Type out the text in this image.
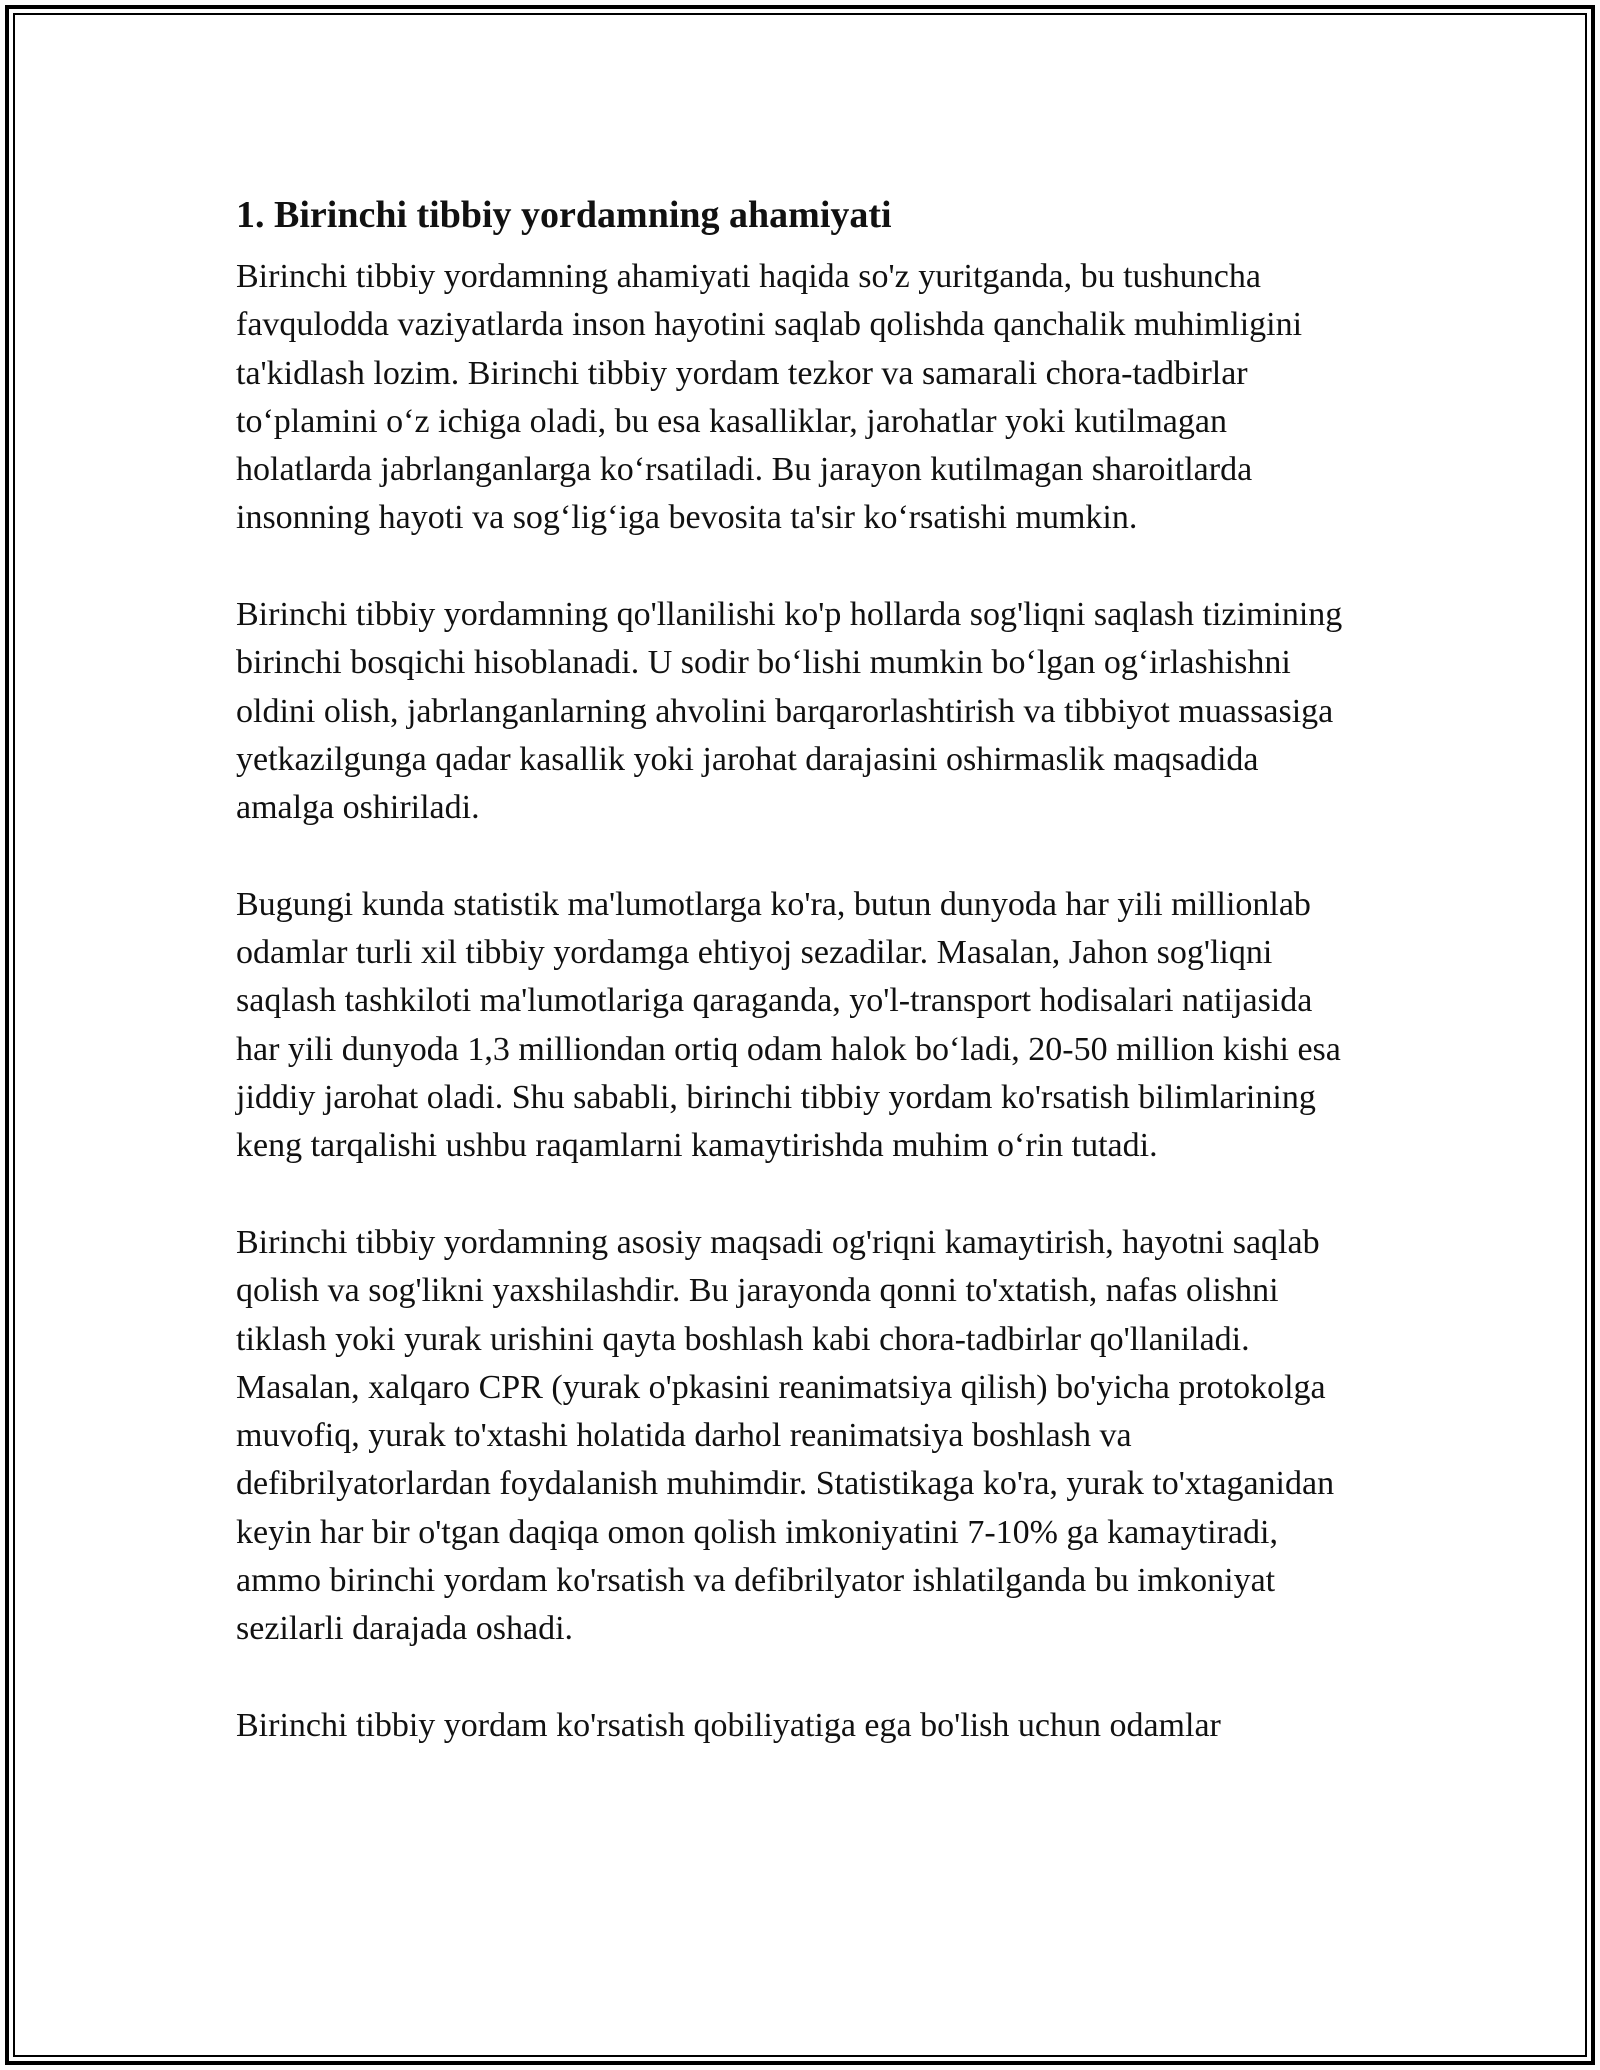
1. Birinchi tibbiy yordamning ahamiyati

Birinchi tibbiy yordamning ahamiyati haqida so'z yuritganda, bu tushuncha favqulodda vaziyatlarda inson hayotini saqlab qolishda qanchalik muhimligini ta'kidlash lozim. Birinchi tibbiy yordam tezkor va samarali chora-tadbirlar to‘plamini o‘z ichiga oladi, bu esa kasalliklar, jarohatlar yoki kutilmagan holatlarda jabrlanganlarga ko‘rsatiladi. Bu jarayon kutilmagan sharoitlarda insonning hayoti va sog‘lig‘iga bevosita ta'sir ko‘rsatishi mumkin.

Birinchi tibbiy yordamning qo'llanilishi ko'p hollarda sog'liqni saqlash tizimining birinchi bosqichi hisoblanadi. U sodir bo‘lishi mumkin bo‘lgan og‘irlashishni oldini olish, jabrlanganlarning ahvolini barqarorlashtirish va tibbiyot muassasiga yetkazilgunga qadar kasallik yoki jarohat darajasini oshirmaslik maqsadida amalga oshiriladi.

Bugungi kunda statistik ma'lumotlarga ko'ra, butun dunyoda har yili millionlab odamlar turli xil tibbiy yordamga ehtiyoj sezadilar. Masalan, Jahon sog'liqni saqlash tashkiloti ma'lumotlariga qaraganda, yo'l-transport hodisalari natijasida har yili dunyoda 1,3 milliondan ortiq odam halok bo‘ladi, 20-50 million kishi esa jiddiy jarohat oladi. Shu sababli, birinchi tibbiy yordam ko'rsatish bilimlarining keng tarqalishi ushbu raqamlarni kamaytirishda muhim o‘rin tutadi.

Birinchi tibbiy yordamning asosiy maqsadi og'riqni kamaytirish, hayotni saqlab qolish va sog'likni yaxshilashdir. Bu jarayonda qonni to'xtatish, nafas olishni tiklash yoki yurak urishini qayta boshlash kabi chora-tadbirlar qo'llaniladi. Masalan, xalqaro CPR (yurak o'pkasini reanimatsiya qilish) bo'yicha protokolga muvofiq, yurak to'xtashi holatida darhol reanimatsiya boshlash va defibrilyatorlardan foydalanish muhimdir. Statistikaga ko'ra, yurak to'xtaganidan keyin har bir o'tgan daqiqa omon qolish imkoniyatini 7-10% ga kamaytiradi, ammo birinchi yordam ko'rsatish va defibrilyator ishlatilganda bu imkoniyat sezilarli darajada oshadi.

Birinchi tibbiy yordam ko'rsatish qobiliyatiga ega bo'lish uchun odamlar
